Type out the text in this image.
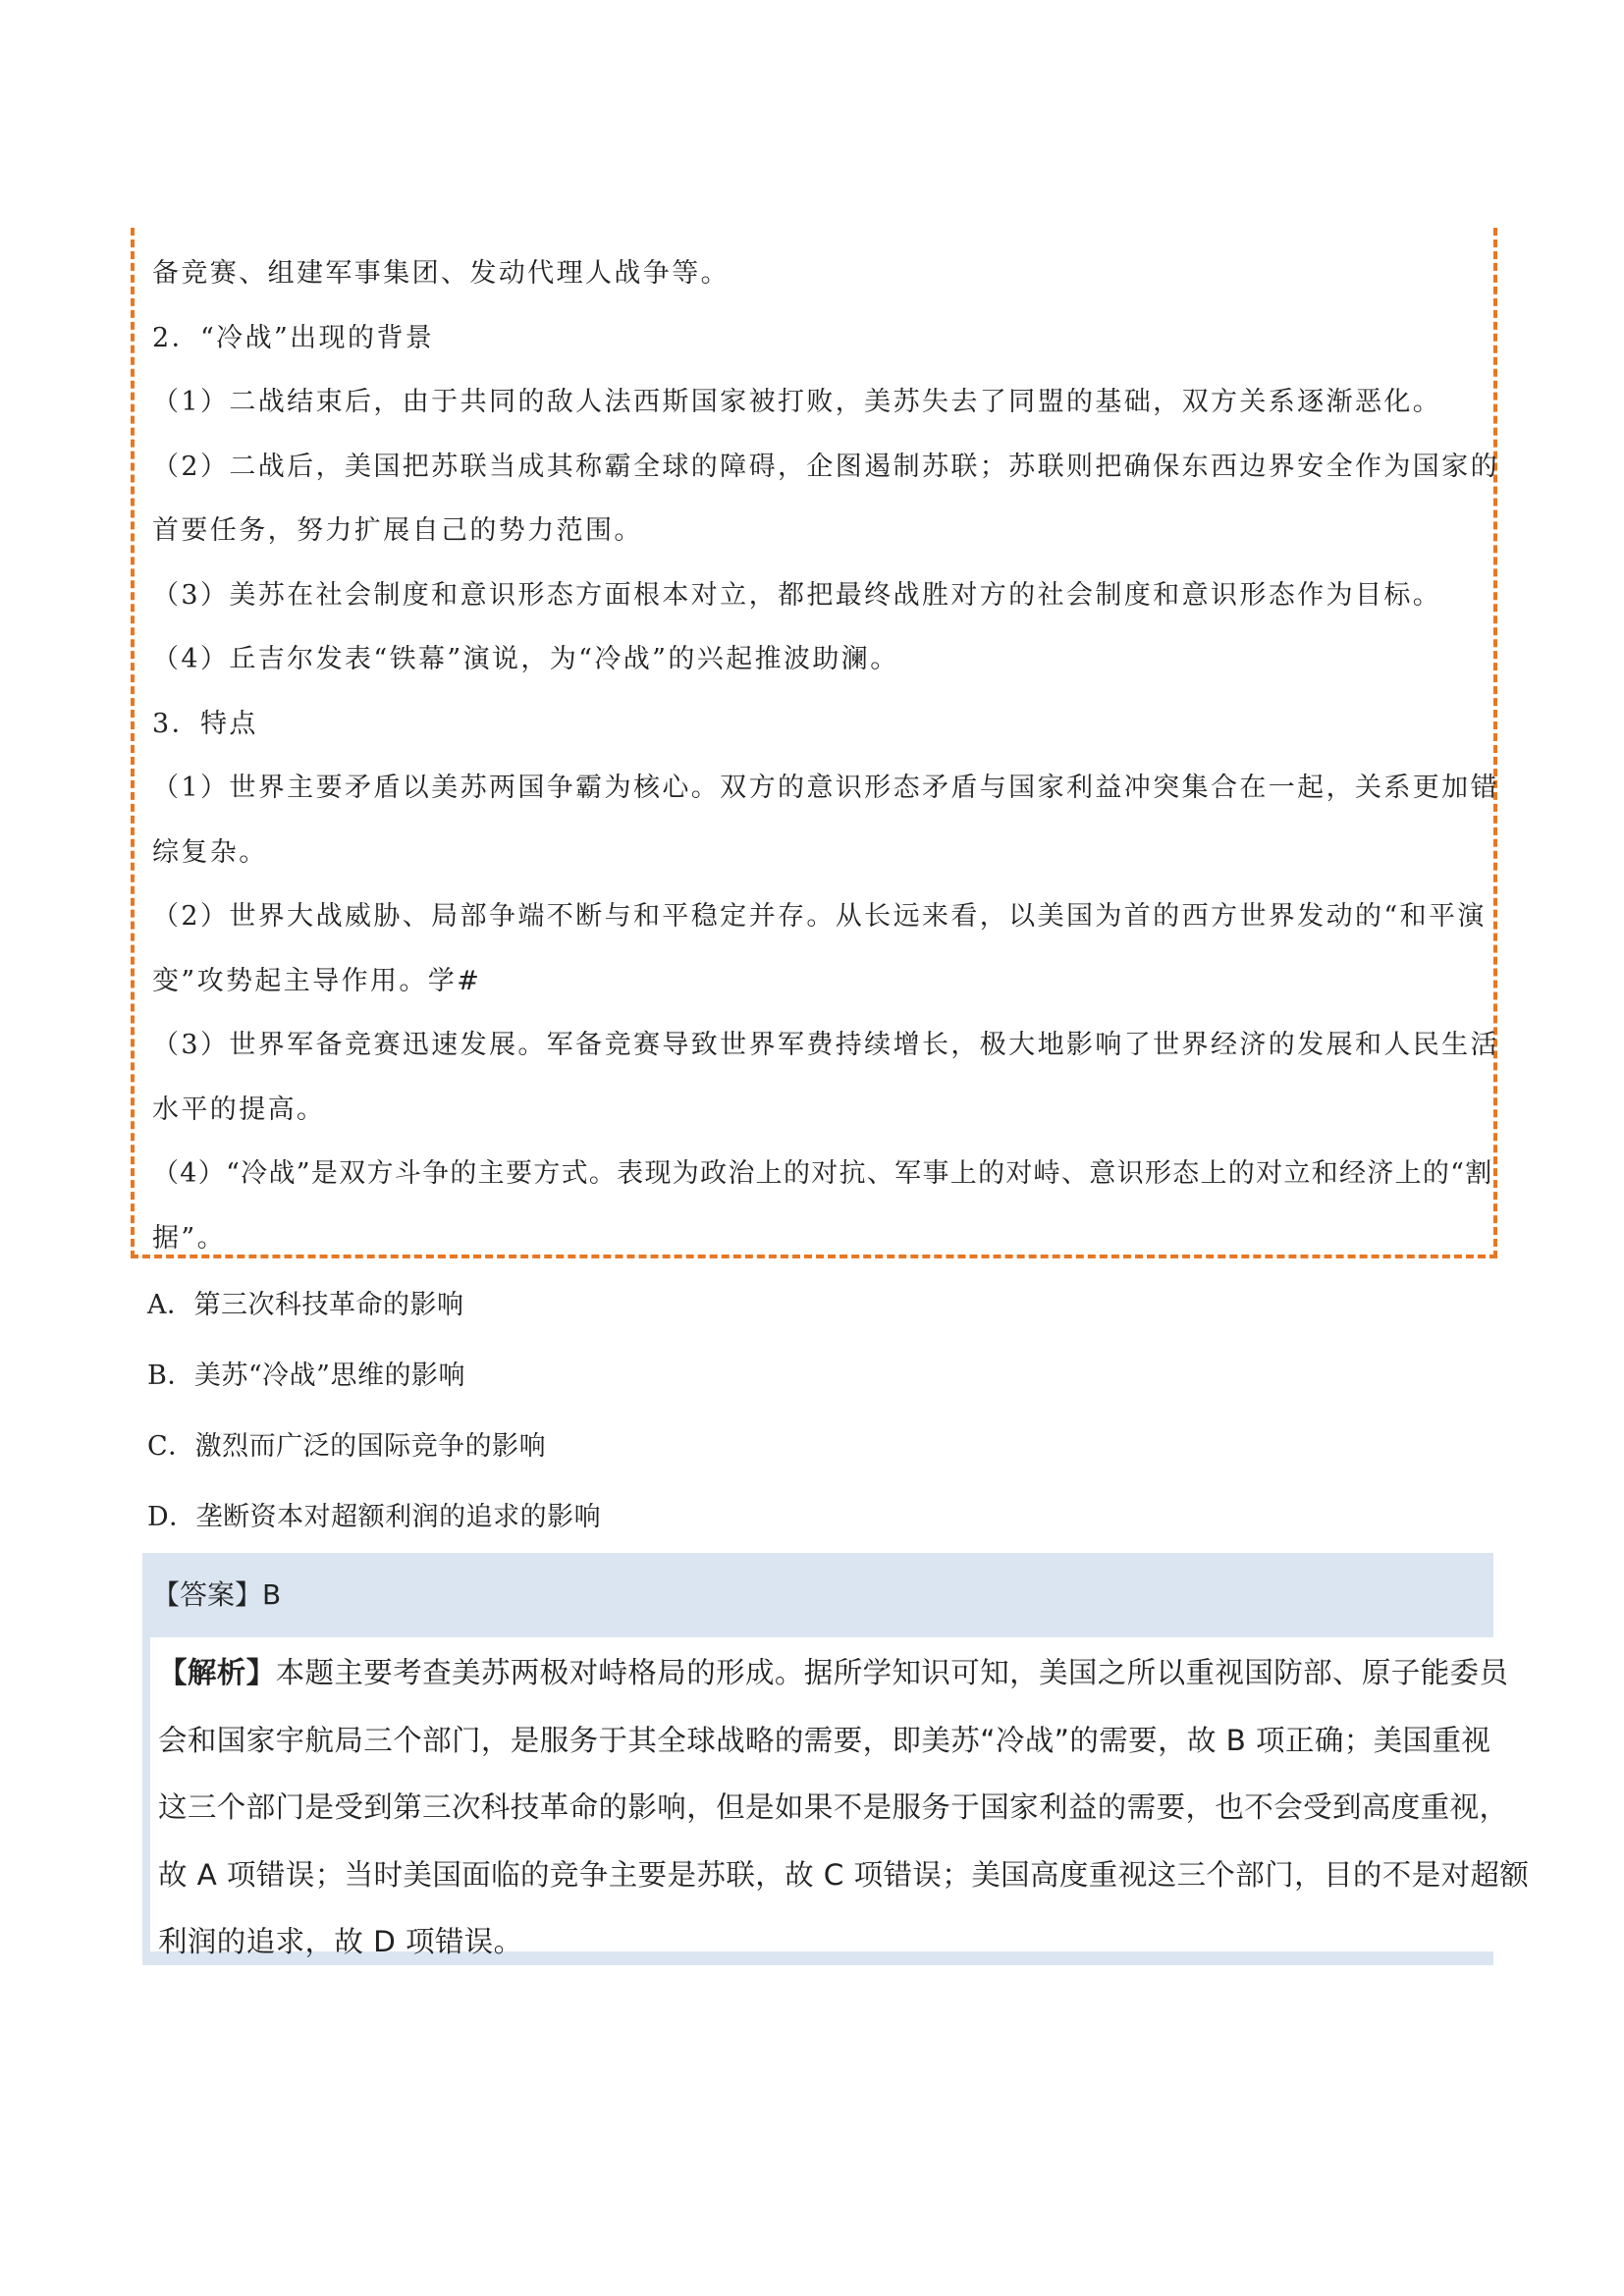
备竞赛、组建军事集团、发动代理人战争等。
2．“冷战”出现的背景
（1）二战结束后，由于共同的敌人法西斯国家被打败，美苏失去了同盟的基础，双方关系逐渐恶化。
（2）二战后，美国把苏联当成其称霸全球的障碍，企图遏制苏联；苏联则把确保东西边界安全作为国家的
首要任务，努力扩展自己的势力范围。
（3）美苏在社会制度和意识形态方面根本对立，都把最终战胜对方的社会制度和意识形态作为目标。
（4）丘吉尔发表“铁幕”演说，为“冷战”的兴起推波助澜。
3．特点
（1）世界主要矛盾以美苏两国争霸为核心。双方的意识形态矛盾与国家利益冲突集合在一起，关系更加错
综复杂。
（2）世界大战威胁、局部争端不断与和平稳定并存。从长远来看，以美国为首的西方世界发动的“和平演
变”攻势起主导作用。学#
（3）世界军备竞赛迅速发展。军备竞赛导致世界军费持续增长，极大地影响了世界经济的发展和人民生活
水平的提高。
（4）“冷战”是双方斗争的主要方式。表现为政治上的对抗、军事上的对峙、意识形态上的对立和经济上的“割
据”。
A．第三次科技革命的影响
B．美苏“冷战”思维的影响
C．激烈而广泛的国际竞争的影响
D．垄断资本对超额利润的追求的影响
【答案】B
【解析】本题主要考查美苏两极对峙格局的形成。据所学知识可知，美国之所以重视国防部、原子能委员
会和国家宇航局三个部门，是服务于其全球战略的需要，即美苏“冷战”的需要，故 B 项正确；美国重视
这三个部门是受到第三次科技革命的影响，但是如果不是服务于国家利益的需要，也不会受到高度重视，
故 A 项错误；当时美国面临的竞争主要是苏联，故 C 项错误；美国高度重视这三个部门，目的不是对超额
利润的追求，故 D 项错误。
